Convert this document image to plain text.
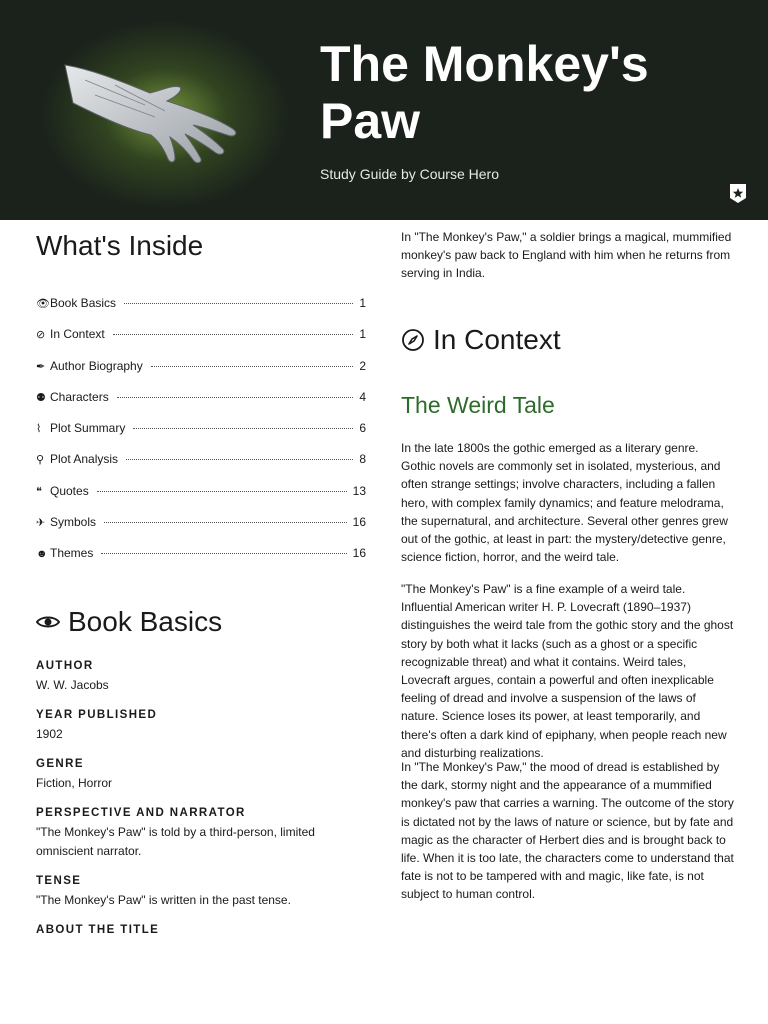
The Monkey's Paw
Study Guide by Course Hero
What's Inside
👁 Book Basics	1
⊘ In Context	1
✒ Author Biography	2
⚉ Characters	4
⌇ Plot Summary	6
⚲ Plot Analysis	8
❝ Quotes	13
✈ Symbols	16
☻ Themes	16
Book Basics
AUTHOR
W. W. Jacobs
YEAR PUBLISHED
1902
GENRE
Fiction, Horror
PERSPECTIVE AND NARRATOR
"The Monkey's Paw" is told by a third-person, limited omniscient narrator.
TENSE
"The Monkey's Paw" is written in the past tense.
ABOUT THE TITLE
In "The Monkey's Paw," a soldier brings a magical, mummified monkey's paw back to England with him when he returns from serving in India.
In Context
The Weird Tale
In the late 1800s the gothic emerged as a literary genre. Gothic novels are commonly set in isolated, mysterious, and often strange settings; involve characters, including a fallen hero, with complex family dynamics; and feature melodrama, the supernatural, and architecture. Several other genres grew out of the gothic, at least in part: the mystery/detective genre, science fiction, horror, and the weird tale.
"The Monkey's Paw" is a fine example of a weird tale. Influential American writer H. P. Lovecraft (1890–1937) distinguishes the weird tale from the gothic story and the ghost story by both what it lacks (such as a ghost or a specific recognizable threat) and what it contains. Weird tales, Lovecraft argues, contain a powerful and often inexplicable feeling of dread and involve a suspension of the laws of nature. Science loses its power, at least temporarily, and there's often a dark kind of epiphany, when people reach new and disturbing realizations.
In "The Monkey's Paw," the mood of dread is established by the dark, stormy night and the appearance of a mummified monkey's paw that carries a warning. The outcome of the story is dictated not by the laws of nature or science, but by fate and magic as the character of Herbert dies and is brought back to life. When it is too late, the characters come to understand that fate is not to be tampered with and magic, like fate, is not subject to human control.
